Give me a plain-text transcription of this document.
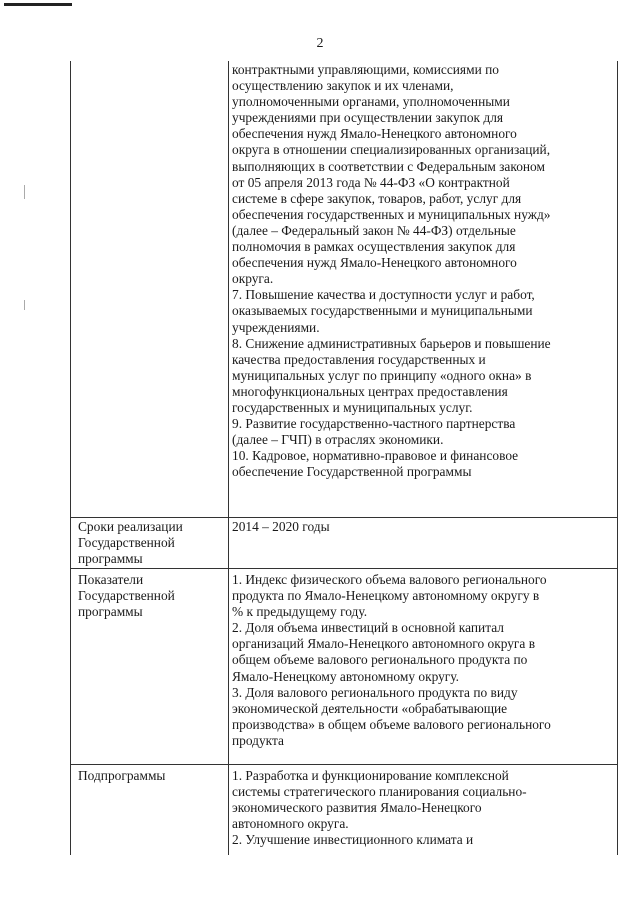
2

контрактными управляющими, комиссиями по

осуществлению закупок и их членами,

уполномоченными органами, уполномоченными

учреждениями при осуществлении закупок для

обеспечения нужд Ямало-Ненецкого автономного

округа в отношении специализированных организаций,

выполняющих в соответствии с Федеральным законом

от 05 апреля 2013 года № 44-ФЗ «О контрактной

системе в сфере закупок, товаров, работ, услуг для

обеспечения государственных и муниципальных нужд»

(далее – Федеральный закон № 44-ФЗ) отдельные

полномочия в рамках осуществления закупок для

обеспечения нужд Ямало-Ненецкого автономного

округа.

7. Повышение качества и доступности услуг и работ,

оказываемых государственными и муниципальными

учреждениями.

8. Снижение административных барьеров и повышение

качества предоставления государственных и

муниципальных услуг по принципу «одного окна» в

многофункциональных центрах предоставления

государственных и муниципальных услуг.

9. Развитие государственно-частного партнерства

(далее – ГЧП) в отраслях экономики.

10. Кадровое, нормативно-правовое и финансовое

обеспечение Государственной программы

Сроки реализации

Государственной

программы

2014 – 2020 годы

Показатели

Государственной

программы

1. Индекс физического объема валового регионального

продукта по Ямало-Ненецкому автономному округу в

% к предыдущему году.

2. Доля объема инвестиций в основной капитал

организаций Ямало-Ненецкого автономного округа в

общем объеме валового регионального продукта по

Ямало-Ненецкому автономному округу.

3. Доля валового регионального продукта по виду

экономической деятельности «обрабатывающие

производства» в общем объеме валового регионального

продукта

Подпрограммы	1. Разработка и функционирование комплексной

системы стратегического планирования социально-

экономического развития Ямало-Ненецкого

автономного округа.

2. Улучшение инвестиционного климата и
